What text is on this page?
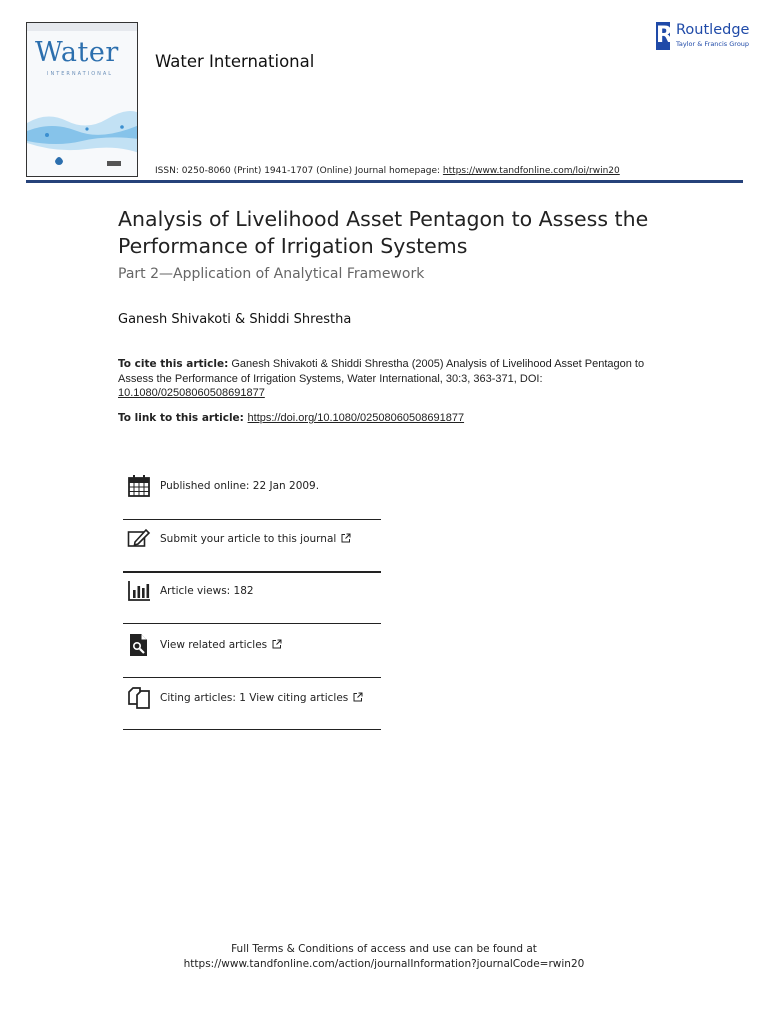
Water
INTERNATIONAL
Water International
R Routledge
Taylor & Francis Group
ISSN: 0250-8060 (Print) 1941-1707 (Online) Journal homepage: https://www.tandfonline.com/loi/rwin20
Analysis of Livelihood Asset Pentagon to Assess the Performance of Irrigation Systems
Part 2—Application of Analytical Framework
Ganesh Shivakoti & Shiddi Shrestha
To cite this article: Ganesh Shivakoti & Shiddi Shrestha (2005) Analysis of Livelihood Asset Pentagon to Assess the Performance of Irrigation Systems, Water International, 30:3, 363-371, DOI: 10.1080/02508060508691877
To link to this article: https://doi.org/10.1080/02508060508691877
Published online: 22 Jan 2009.
Submit your article to this journal
Article views: 182
View related articles
Citing articles: 1 View citing articles
Full Terms & Conditions of access and use can be found at
https://www.tandfonline.com/action/journalInformation?journalCode=rwin20
